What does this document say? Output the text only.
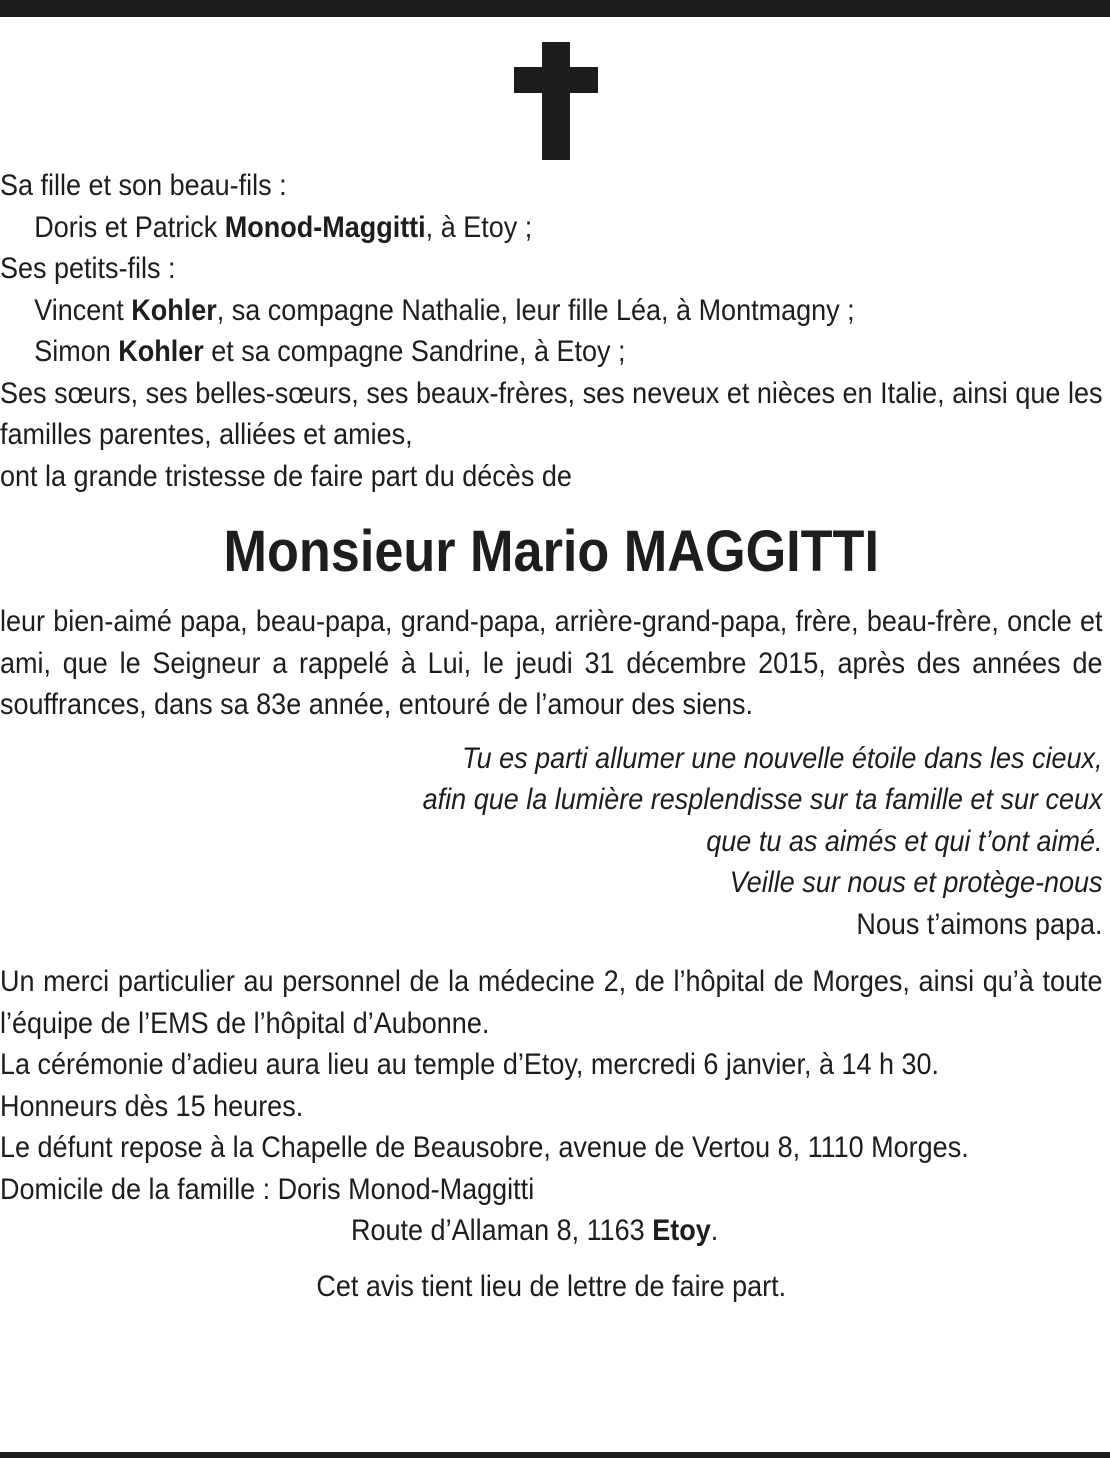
Sa fille et son beau-fils :
Doris et Patrick Monod-Maggitti, à Etoy ;
Ses petits-fils :
Vincent Kohler, sa compagne Nathalie, leur fille Léa, à Montmagny ;
Simon Kohler et sa compagne Sandrine, à Etoy ;
Ses sœurs, ses belles-sœurs, ses beaux-frères, ses neveux et nièces en Italie, ainsi que les familles parentes, alliées et amies,
ont la grande tristesse de faire part du décès de
Monsieur Mario MAGGITTI
leur bien-aimé papa, beau-papa, grand-papa, arrière-grand-papa, frère, beau-frère, oncle et ami, que le Seigneur a rappelé à Lui, le jeudi 31 décembre 2015, après des années de souffrances, dans sa 83e année, entouré de l’amour des siens.
Tu es parti allumer une nouvelle étoile dans les cieux,
afin que la lumière resplendisse sur ta famille et sur ceux
que tu as aimés et qui t’ont aimé.
Veille sur nous et protège-nous
Nous t’aimons papa.
Un merci particulier au personnel de la médecine 2, de l’hôpital de Morges, ainsi qu’à toute l’équipe de l’EMS de l’hôpital d’Aubonne.
La cérémonie d’adieu aura lieu au temple d’Etoy, mercredi 6 janvier, à 14 h 30.
Honneurs dès 15 heures.
Le défunt repose à la Chapelle de Beausobre, avenue de Vertou 8, 1110 Morges.
Domicile de la famille : Doris Monod-Maggitti
Route d’Allaman 8, 1163 Etoy.
Cet avis tient lieu de lettre de faire part.
